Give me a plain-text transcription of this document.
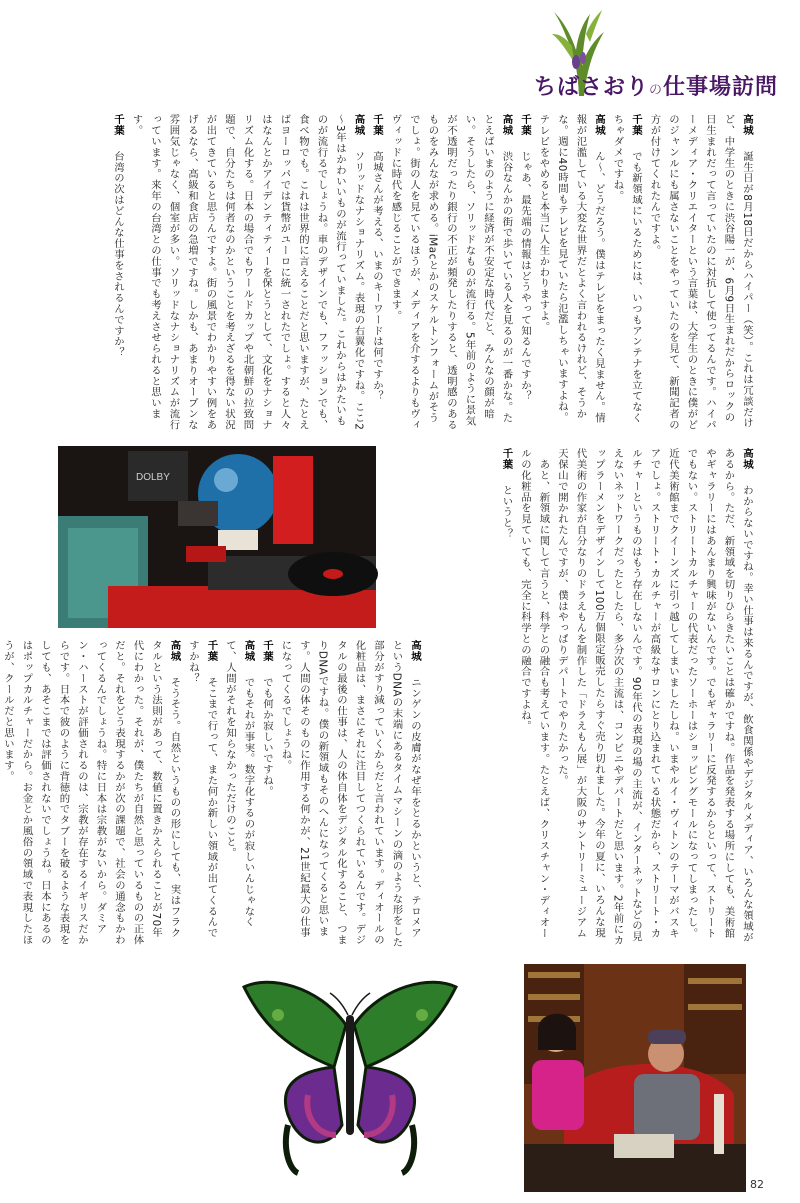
ちばさおりの仕事場訪問

高城　誕生日が8月18日だからハイパー（笑）。これは冗談だけど、中学生のときに渋谷陽一が、6月9日生まれだからロックの日生まれだって言っていたのに対抗して使ってるんです。ハイパーメディア・クリエイターという言葉は、大学生のときに僕がどのジャンルにも属さないことをやっていたのを見て、新聞記者の方が付けてくれたんですよ。

千葉　でも新領域にいるためには、いつもアンテナを立てなくちゃダメですね。

高城　ん～、どうだろう。僕はテレビをまったく見ません。情報が氾濫している大変な世界だとよく言われるけれど、そうかな。週に40時間もテレビを見ていたら氾濫しちゃいますよね。テレビをやめると本当に人生かわりますよ。

千葉　じゃあ、最先端の情報はどうやって知るんですか？

高城　渋谷なんかの街で歩いている人を見るのが一番かな。たとえばいまのように経済が不安定な時代だと、みんなの顔が暗い。そうしたら、ソリッドなものが流行る。5年前のように景気が不透明だったり銀行の不正が頻発したりすると、透明感のあるものをみんなが求める。iMacとかのスケルトンフォームがそうでしょ。街の人を見ているほうが、メディアを介するよりもヴィヴィッドに時代を感じることができます。

千葉　高城さんが考える、いまのキーワードは何ですか？

高城　ソリッドなナショナリズム。表現の右翼化ですね。ここ2～3年はかわいいものが流行っていました。これからはかたいものが流行るでしょうね。車のデザインでも、ファッションでも、食べ物でも。これは世界的に言えることだと思いますが、たとえばヨーロッパでは貨幣がユーロに統一されたでしょ。すると人々はなんとかアイデンティティーを保とうとして、文化をナショナリズム化する。日本の場合でもワールドカップや北朝鮮の拉致問題で、自分たちは何者なのかということを考えざるを得ない状況が出てきていると思うんですよ。街の風景でわかりやすい例をあげるなら、高級和食店の急増ですね。しかも、あまりオープンな雰囲気じゃなく、個室が多い。ソリッドなナショナリズムが流行っています。来年の台湾との仕事でも考えさせられると思います。

千葉　台湾の次はどんな仕事をされるんですか？

高城　わからないですね。幸い仕事は来るんですが、飲食関係やデジタルメディア、いろんな領域があるから。ただ、新領域を切りひらきたいことは確かですね。作品を発表する場所にしても、美術館やギャラリーにはあんまり興味がないんです。でもギャラリーに反発するからといって、ストリートでもない。ストリートカルチャーの代表だったソーホーはショッピングモールになってしまったし。近代美術館までクイーンズに引っ越してしまいましたしね。いまやルイ・ヴィトンのテーマがバスキアでしょ。ストリート・カルチャーが高級なサロンにとり込まれている状態だから、ストリート・カルチャーというものはもう存在しないんです。90年代の表現の場の主流が、インターネットなどの見えないネットワークだったとしたら、多分次の主流は、コンビニやデパートだと思います。2年前にカップラーメンをデザインして100万個限定販売したらすぐ売り切れました。今年の夏に、いろんな現代美術の作家が自分なりのドラえもんを制作した「ドラえもん展」が大阪のサントリーミュージアム天保山で開かれたんですが、僕はやっぱりデパートでやりたかった。

　あと、新領域に関して言うと、科学との融合も考えています。たとえば、クリスチャン・ディオールの化粧品を見ていても、完全に科学との融合ですよね。

千葉　というと？

高城　ニンゲンの皮膚がなぜ年をとるかというと、テロメアというDNAの末端にあるタイムマシーンの滴のような形をした部分がすり減っていくからだと言われています。ディオールの化粧品は、まさにそれに注目してつくられているんです。デジタルの最後の仕事は、人の体自体をデジタル化すること、つまりDNAですね。僕の新領域もそのへんになってくると思います。人間の体そのものに作用する何かが、21世紀最大の仕事になってくるでしょうね。

千葉　でも何か寂しいですね。

高城　でもそれが事実。数字化するのが寂しいんじゃなくて、人間がそれを知らなかっただけのこと。

千葉　そこまで行って、また何か新しい領域が出てくるんですかね？

高城　そうそう。自然というものの形にしても、実はフラクタルという法則があって、数値に置きかえられることが70年代にわかった。それが、僕たちが自然と思っているものの正体だと。それをどう表現するかが次の課題で、社会の通念もかわってくるんでしょうね。特に日本は宗教がないから。ダミアン・ハーストが評価されるのは、宗教が存在するイギリスだからです。日本で彼のように背徳的でタブーを破るような表現をしても、あそこまでは評価されないでしょうね。日本にあるのはポップカルチャーだから。お金とか風俗の領域で表現したほうが、クールだと思います。

DOLBY
82
